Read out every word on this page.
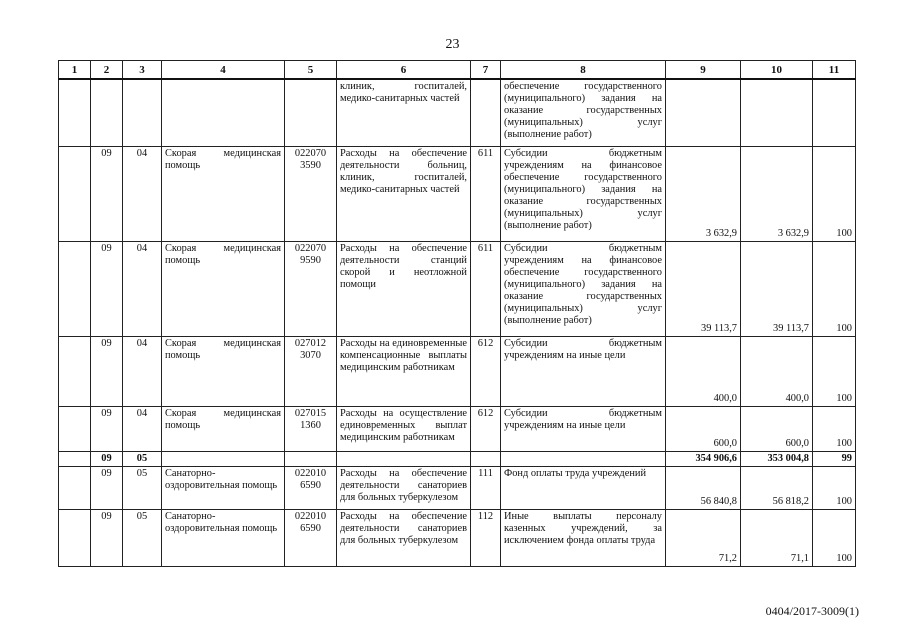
23
1	2	3	4	5	6	7	8	9	10	11
					клиник, госпиталей, медико-санитарных частей		обеспечение государственного (муниципального) задания на оказание государственных (муниципальных) услуг (выполнение работ)			
	09	04	Скорая медицинская помощь	022070 3590	Расходы на обеспечение деятельности больниц, клиник, госпиталей, медико-санитарных частей	611	Субсидии бюджетным учреждениям на финансовое обеспечение государственного (муниципального) задания на оказание государственных (муниципальных) услуг (выполнение работ)	3 632,9	3 632,9	100
	09	04	Скорая медицинская помощь	022070 9590	Расходы на обеспечение деятельности станций скорой и неотложной помощи	611	Субсидии бюджетным учреждениям на финансовое обеспечение государственного (муниципального) задания на оказание государственных (муниципальных) услуг (выполнение работ)	39 113,7	39 113,7	100
	09	04	Скорая медицинская помощь	027012 3070	Расходы на единовременные компенсационные выплаты медицинским работникам	612	Субсидии бюджетным учреждениям на иные цели	400,0	400,0	100
	09	04	Скорая медицинская помощь	027015 1360	Расходы на осуществление единовременных выплат медицинским работникам	612	Субсидии бюджетным учреждениям на иные цели	600,0	600,0	100
	09	05						354 906,6	353 004,8	99
	09	05	Санаторно-оздоровительная помощь	022010 6590	Расходы на обеспечение деятельности санаториев для больных туберкулезом	111	Фонд оплаты труда учреждений	56 840,8	56 818,2	100
	09	05	Санаторно-оздоровительная помощь	022010 6590	Расходы на обеспечение деятельности санаториев для больных туберкулезом	112	Иные выплаты персоналу казенных учреждений, за исключением фонда оплаты труда	71,2	71,1	100
0404/2017-3009(1)
